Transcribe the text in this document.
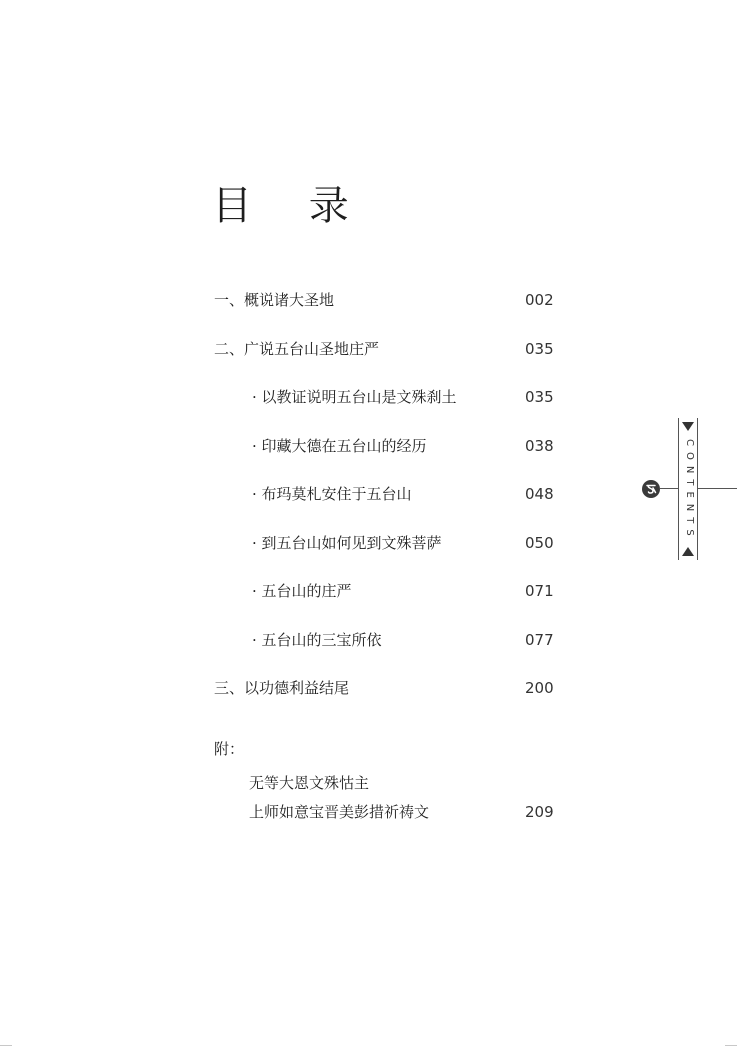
目 录
一、概说诸大圣地	002
二、广说五台山圣地庄严	035
· 以教证说明五台山是文殊刹土	035
· 印藏大德在五台山的经历	038
· 布玛莫札安住于五台山	048
· 到五台山如何见到文殊菩萨	050
· 五台山的庄严	071
· 五台山的三宝所依	077
三、以功德利益结尾	200
附：
无等大恩文殊怙主
上师如意宝晋美彭措祈祷文	209
CONTENTS
